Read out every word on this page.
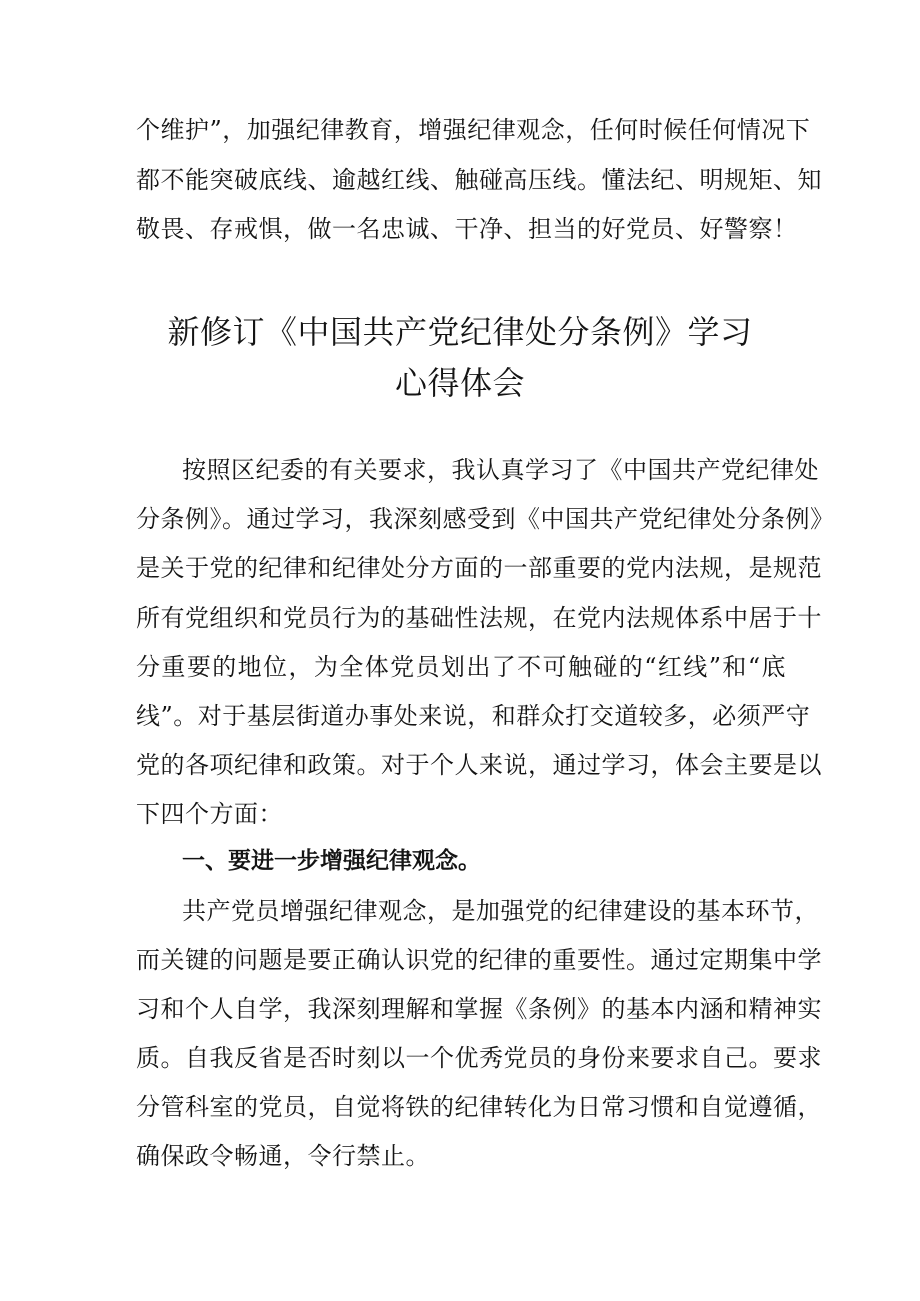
个维护”，加强纪律教育，增强纪律观念，任何时候任何情况下
都不能突破底线、逾越红线、触碰高压线。懂法纪、明规矩、知
敬畏、存戒惧，做一名忠诚、干净、担当的好党员、好警察！
新修订《中国共产党纪律处分条例》学习
心得体会
按照区纪委的有关要求，我认真学习了《中国共产党纪律处
分条例》。通过学习，我深刻感受到《中国共产党纪律处分条例》
是关于党的纪律和纪律处分方面的一部重要的党内法规，是规范
所有党组织和党员行为的基础性法规，在党内法规体系中居于十
分重要的地位，为全体党员划出了不可触碰的“红线”和“底
线”。对于基层街道办事处来说，和群众打交道较多，必须严守
党的各项纪律和政策。对于个人来说，通过学习，体会主要是以
下四个方面：
一、要进一步增强纪律观念。
共产党员增强纪律观念，是加强党的纪律建设的基本环节，
而关键的问题是要正确认识党的纪律的重要性。通过定期集中学
习和个人自学，我深刻理解和掌握《条例》的基本内涵和精神实
质。自我反省是否时刻以一个优秀党员的身份来要求自己。要求
分管科室的党员，自觉将铁的纪律转化为日常习惯和自觉遵循，
确保政令畅通，令行禁止。
